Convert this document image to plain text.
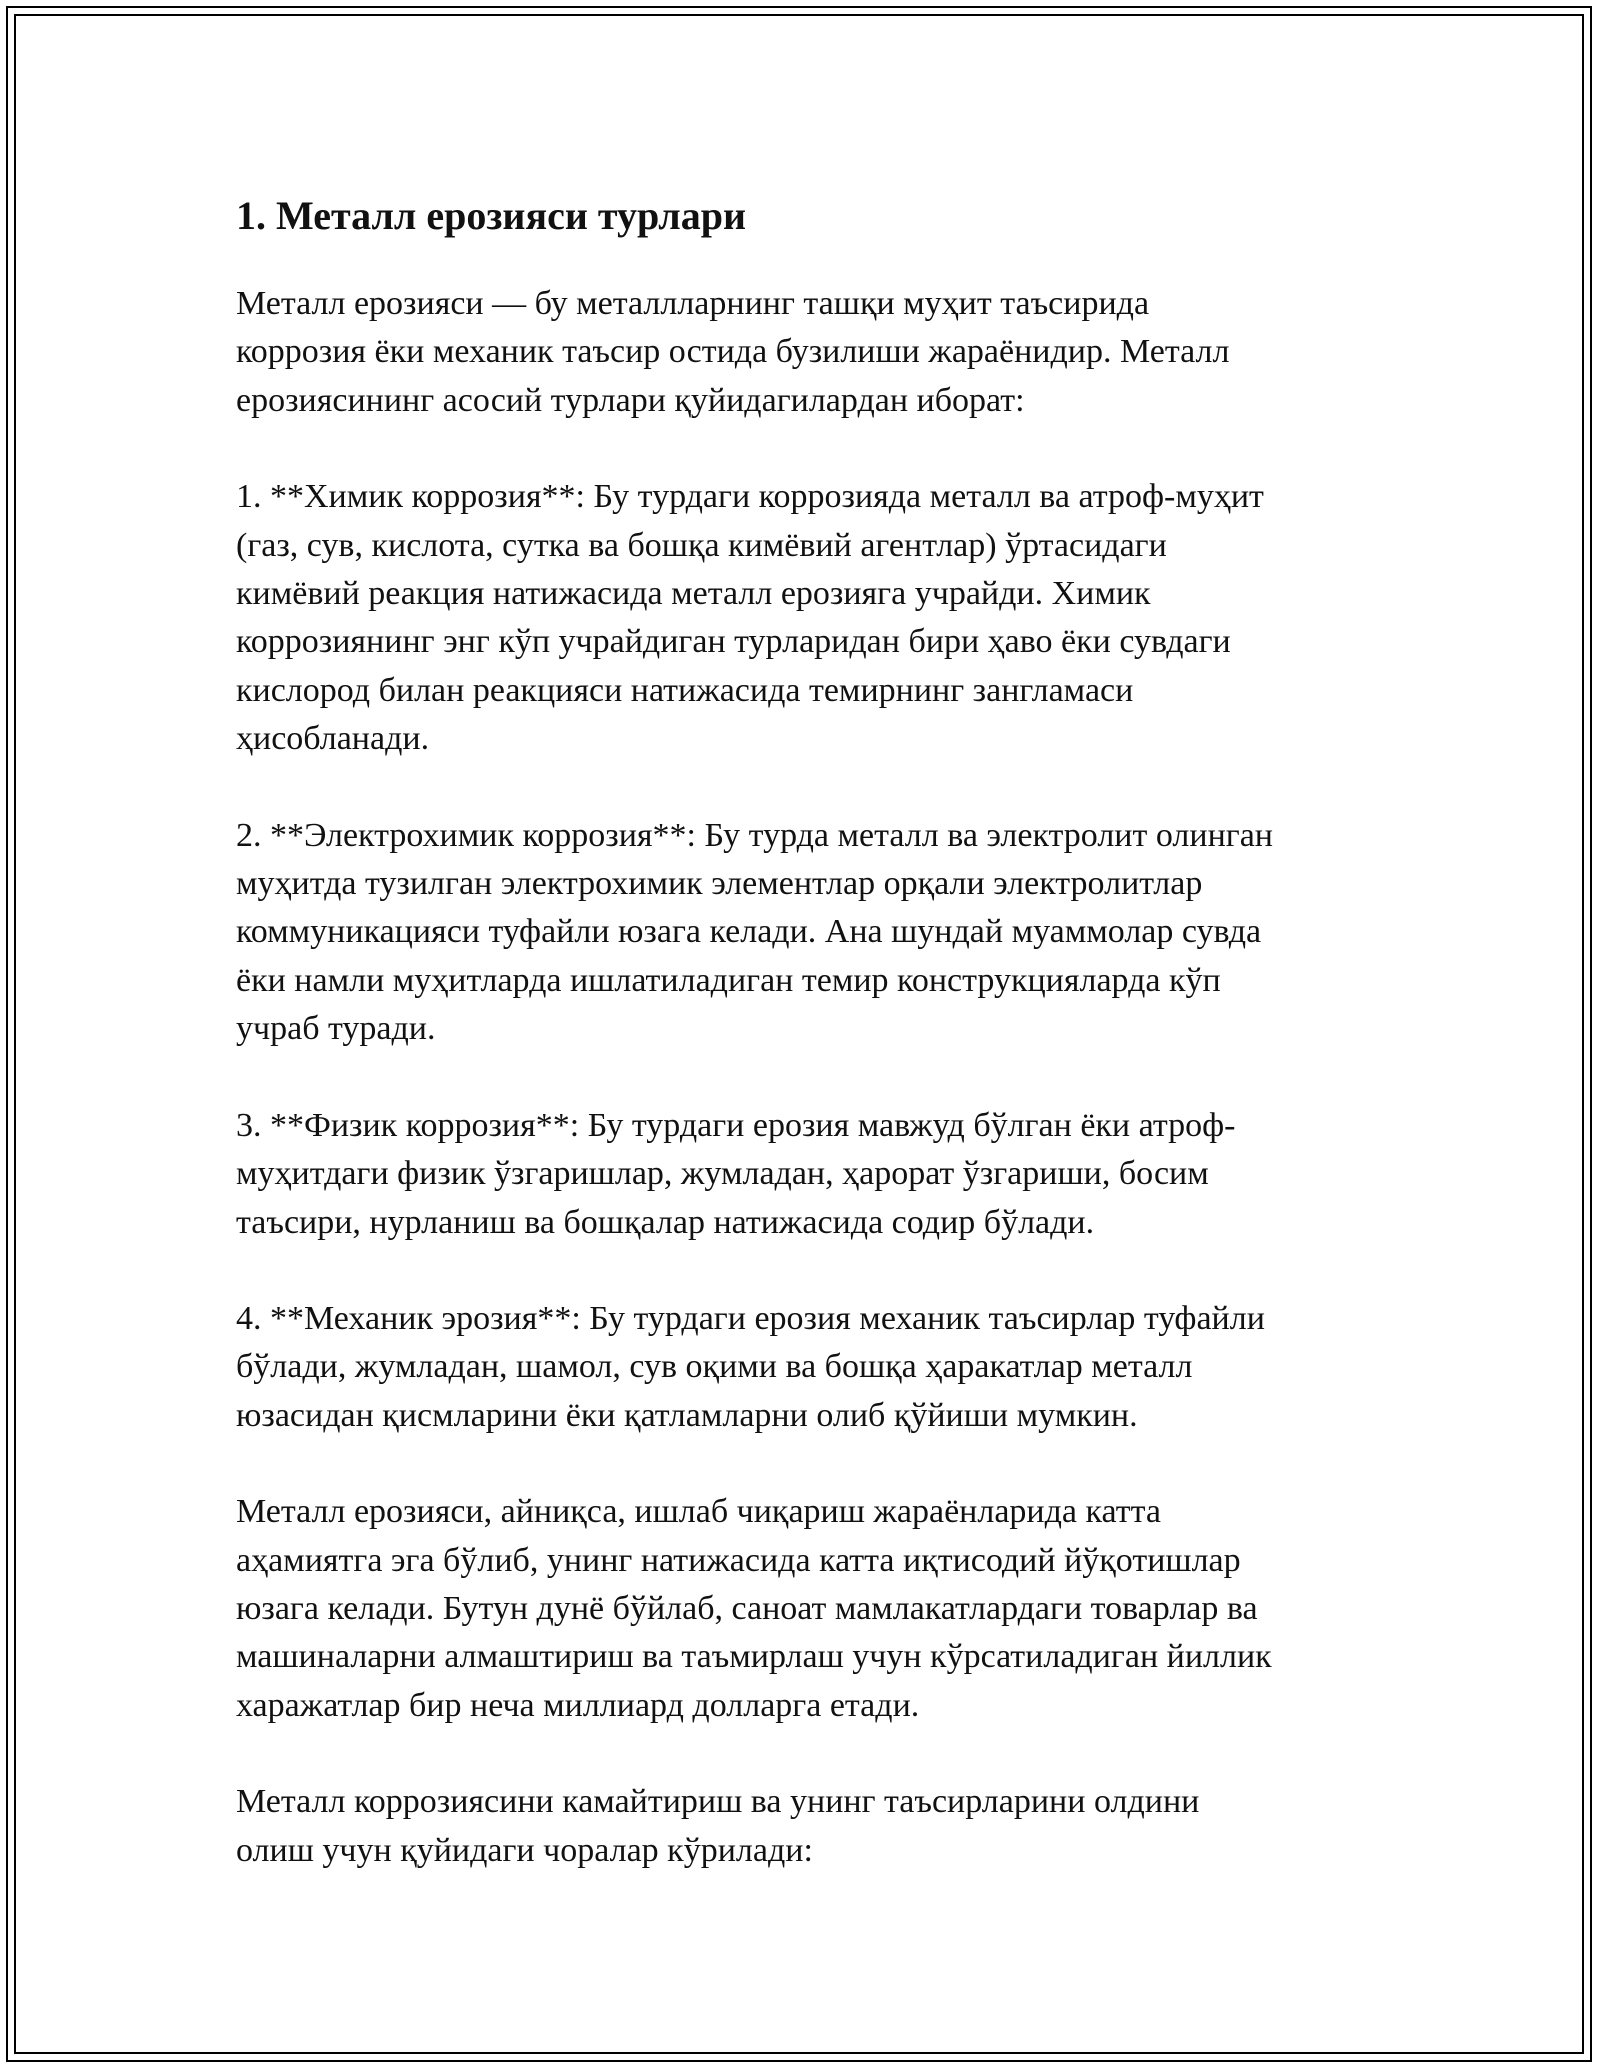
1. Металл ерозияси турлари

Металл ерозияси — бу металлларнинг ташқи муҳит таъсирида
коррозия ёки механик таъсир остида бузилиши жараёнидир. Металл
ерозиясининг асосий турлари қуйидагилардан иборат:

1. **Химик коррозия**: Бу турдаги коррозияда металл ва атроф-муҳит
(газ, сув, кислота, сутка ва бошқа кимёвий агентлар) ўртасидаги
кимёвий реакция натижасида металл ерозияга учрайди. Химик
коррозиянинг энг кўп учрайдиган турларидан бири ҳаво ёки сувдаги
кислород билан реакцияси натижасида темирнинг зангламаси
ҳисобланади.

2. **Электрохимик коррозия**: Бу турда металл ва электролит олинган
муҳитда тузилган электрохимик элементлар орқали электролитлар
коммуникацияси туфайли юзага келади. Ана шундай муаммолар сувда
ёки намли муҳитларда ишлатиладиган темир конструкцияларда кўп
учраб туради.

3. **Физик коррозия**: Бу турдаги ерозия мавжуд бўлган ёки атроф-
муҳитдаги физик ўзгаришлар, жумладан, ҳарорат ўзгариши, босим
таъсири, нурланиш ва бошқалар натижасида содир бўлади.

4. **Механик эрозия**: Бу турдаги ерозия механик таъсирлар туфайли
бўлади, жумладан, шамол, сув оқими ва бошқа ҳаракатлар металл
юзасидан қисмларини ёки қатламларни олиб қўйиши мумкин.

Металл ерозияси, айниқса, ишлаб чиқариш жараёнларида катта
аҳамиятга эга бўлиб, унинг натижасида катта иқтисодий йўқотишлар
юзага келади. Бутун дунё бўйлаб, саноат мамлакатлардаги товарлар ва
машиналарни алмаштириш ва таъмирлаш учун кўрсатиладиган йиллик
харажатлар бир неча миллиард долларга етади.

Металл коррозиясини камайтириш ва унинг таъсирларини олдини
олиш учун қуйидаги чоралар кўрилади:
